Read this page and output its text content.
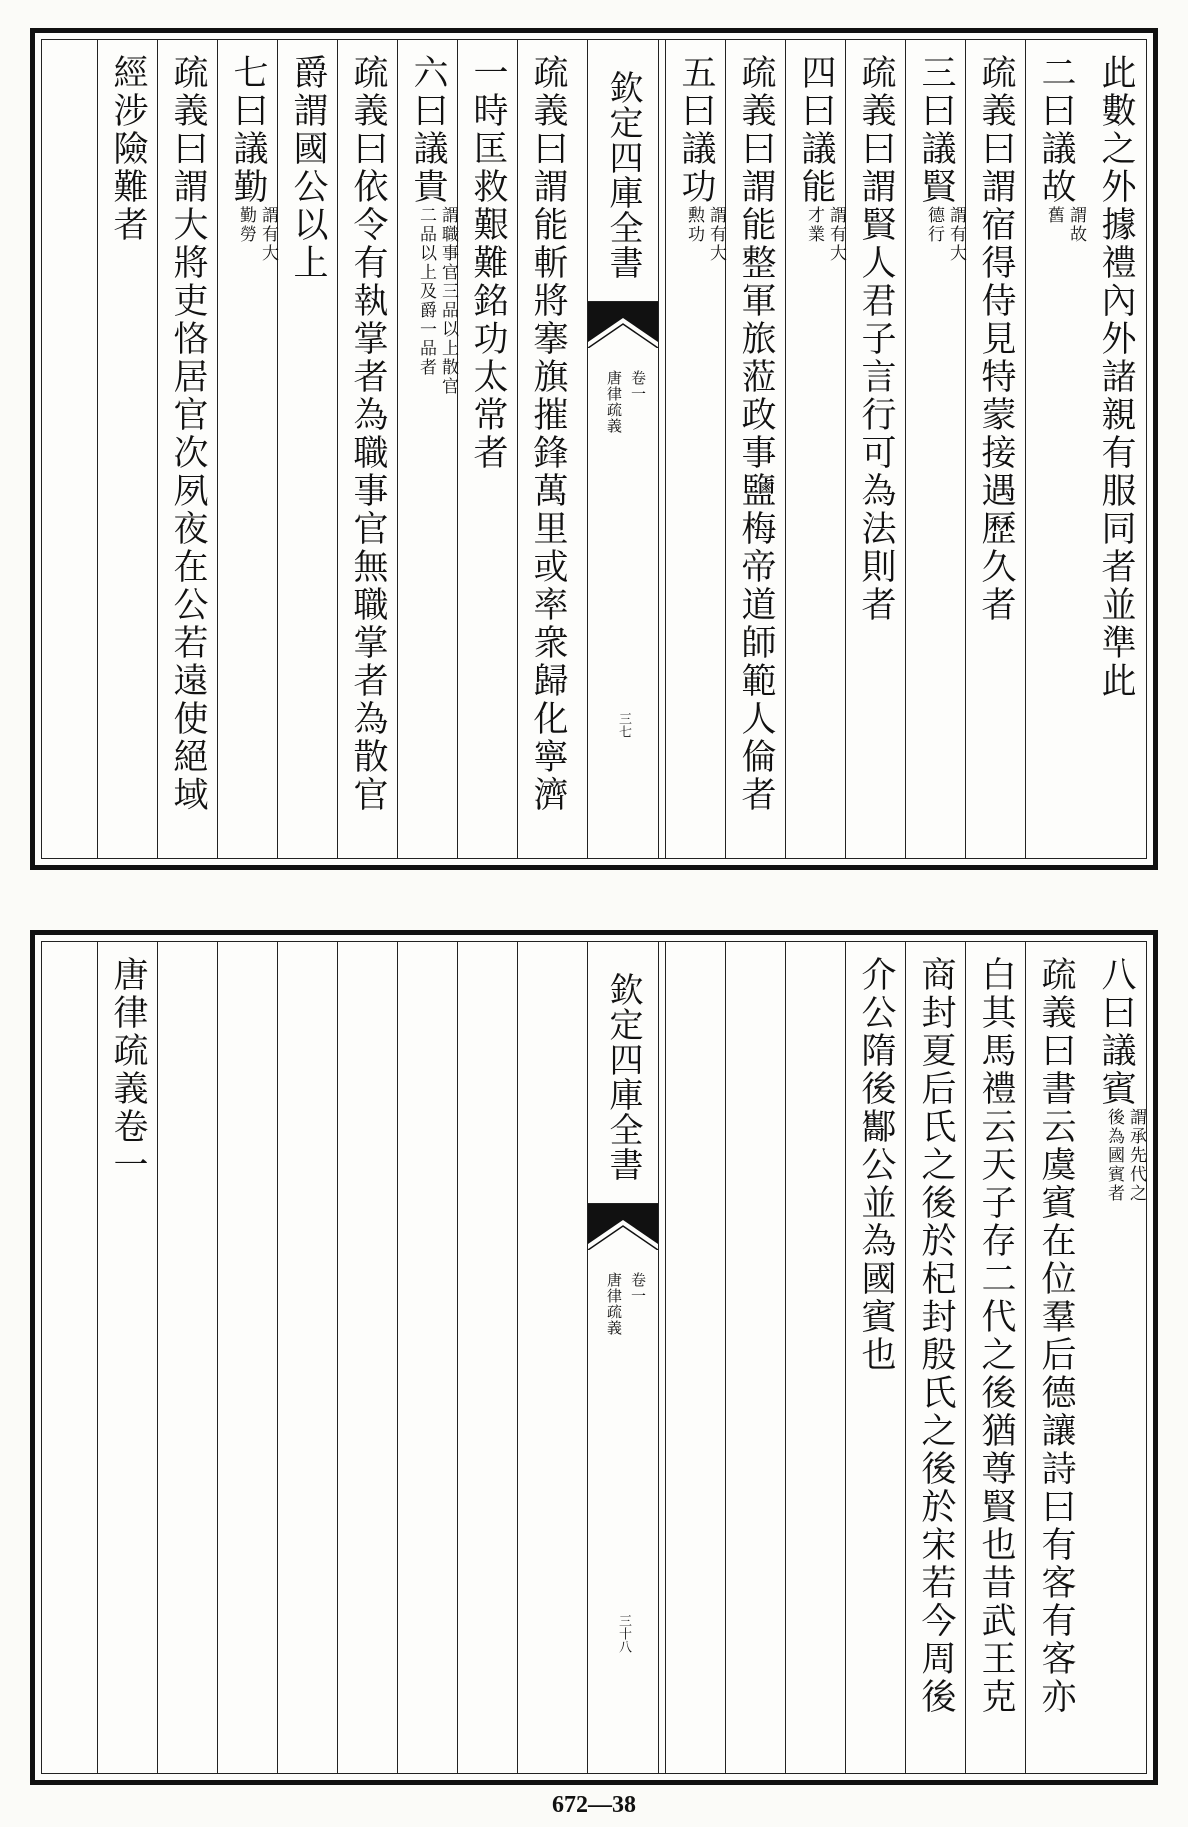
此數之外據禮內外諸親有服同者並準此
二曰議故謂故
舊
疏義曰謂宿得侍見特蒙接遇歷久者
三曰議賢謂有大
德行
疏義曰謂賢人君子言行可為法則者
四曰議能謂有大
才業
疏義曰謂能整軍旅蒞政事鹽梅帝道師範人倫者
五曰議功謂有大
勲功
欽定四庫全書
卷一
唐律疏義
三七
疏義曰謂能斬將搴旗摧鋒萬里或率衆歸化寧濟
一時匡救艱難銘功太常者
六曰議貴謂職事官三品以上散官
二品以上及爵一品者
疏義曰依令有執掌者為職事官無職掌者為散官
爵謂國公以上
七曰議勤謂有大
勤勞
疏義曰謂大將吏恪居官次夙夜在公若遠使絕域
經涉險難者
八曰議賓謂承先代之
後為國賓者
疏義曰書云虞賓在位羣后德讓詩曰有客有客亦
白其馬禮云天子存二代之後猶尊賢也昔武王克
商封夏后氏之後於杞封殷氏之後於宋若今周後
介公隋後酅公並為國賓也
欽定四庫全書
卷一
唐律疏義
三十八
唐律疏義卷一
672—38
